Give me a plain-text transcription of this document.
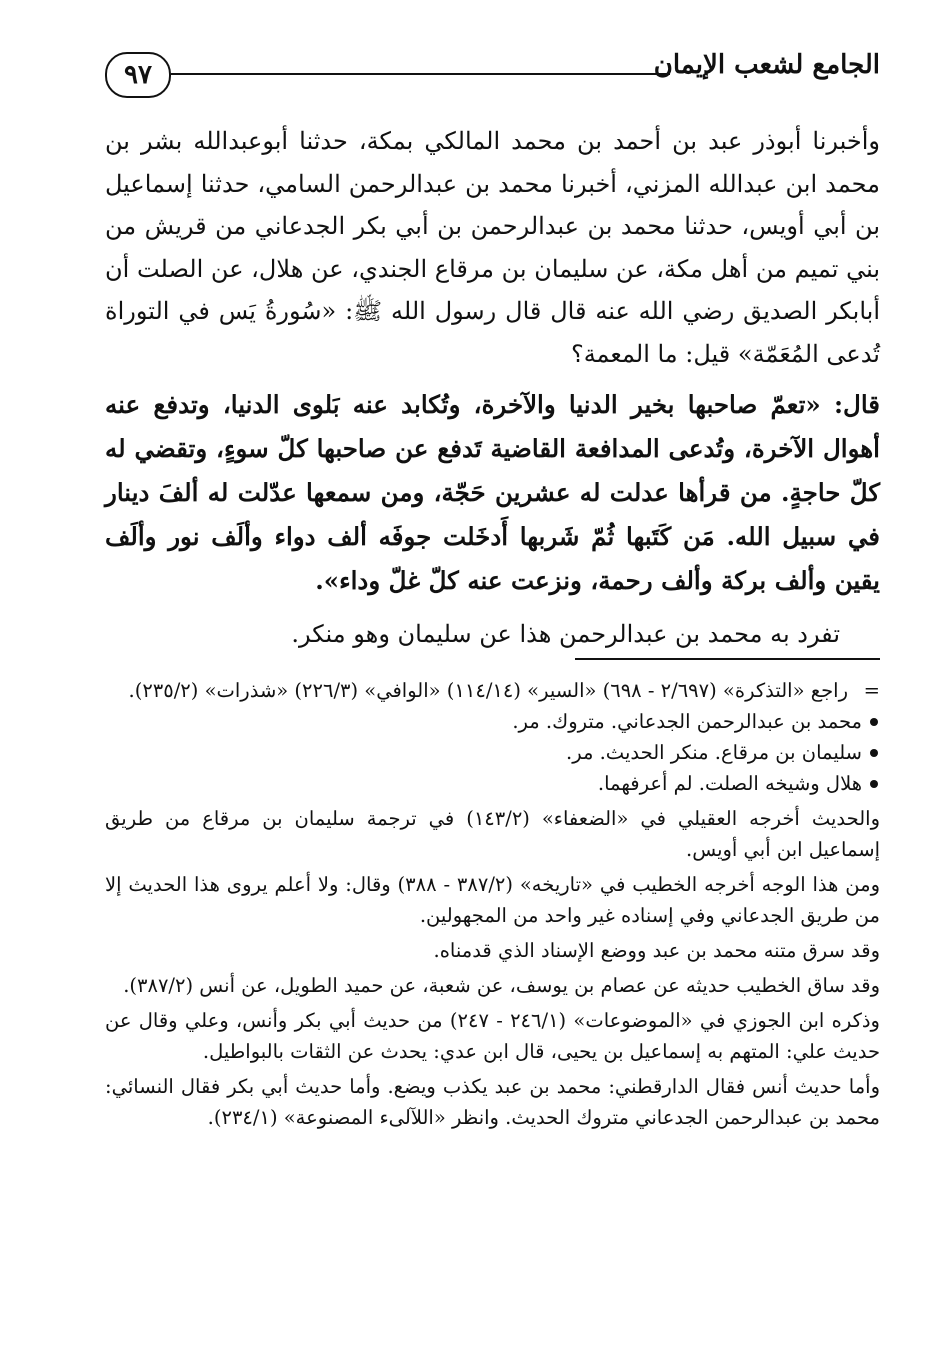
٩٧	الجامع لشعب الإيمان

وأخبرنا أبوذر عبد بن أحمد بن محمد المالكي بمكة، حدثنا أبوعبدالله بشر بن محمد ابن عبدالله المزني، أخبرنا محمد بن عبدالرحمن السامي، حدثنا إسماعيل بن أبي أويس، حدثنا محمد بن عبدالرحمن بن أبي بكر الجدعاني من قريش من بني تميم من أهل مكة، عن سليمان بن مرقاع الجندي، عن هلال، عن الصلت أن أبابكر الصديق رضي الله عنه قال قال رسول الله ﷺ: «سُورةُ يَس في التوراة تُدعى المُعَمّة» قيل: ما المعمة؟

قال: «تعمّ صاحبها بخير الدنيا والآخرة، وتُكابد عنه بَلوى الدنيا، وتدفع عنه أهوال الآخرة، وتُدعى المدافعة القاضية تَدفع عن صاحبها كلّ سوءٍ، وتقضي له كلّ حاجةٍ. من قرأها عدلت له عشرين حَجّة، ومن سمعها عدّلت له ألفَ دينار في سبيل الله. مَن كَتَبها ثُمّ شَربها أَدخَلت جوفَه ألف دواء وألَف نور وألَف يقين وألف بركة وألف رحمة، ونزعت عنه كلّ غلّ وداء».

تفرد به محمد بن عبدالرحمن هذا عن سليمان وهو منكر.

=
راجع «التذكرة» (٢/٦٩٧ - ٦٩٨) «السير» (١١٤/١٤) «الوافي» (٢٢٦/٣) «شذرات» (٢٣٥/٢).

محمد بن عبدالرحمن الجدعاني. متروك. مر.
سليمان بن مرقاع. منكر الحديث. مر.
هلال وشيخه الصلت. لم أعرفهما.

والحديث أخرجه العقيلي في «الضعفاء» (١٤٣/٢) في ترجمة سليمان بن مرقاع من طريق إسماعيل ابن أبي أويس.

ومن هذا الوجه أخرجه الخطيب في «تاريخه» (٣٨٧/٢ - ٣٨٨) وقال: ولا أعلم يروى هذا الحديث إلا من طريق الجدعاني وفي إسناده غير واحد من المجهولين.

وقد سرق متنه محمد بن عبد ووضع الإسناد الذي قدمناه.

وقد ساق الخطيب حديثه عن عصام بن يوسف، عن شعبة، عن حميد الطويل، عن أنس (٣٨٧/٢).

وذكره ابن الجوزي في «الموضوعات» (٢٤٦/١ - ٢٤٧) من حديث أبي بكر وأنس، وعلي وقال عن حديث علي: المتهم به إسماعيل بن يحيى، قال ابن عدي: يحدث عن الثقات بالبواطيل.

وأما حديث أنس فقال الدارقطني: محمد بن عبد يكذب ويضع. وأما حديث أبي بكر فقال النسائي: محمد بن عبدالرحمن الجدعاني متروك الحديث. وانظر «اللآلىء المصنوعة» (٢٣٤/١).
